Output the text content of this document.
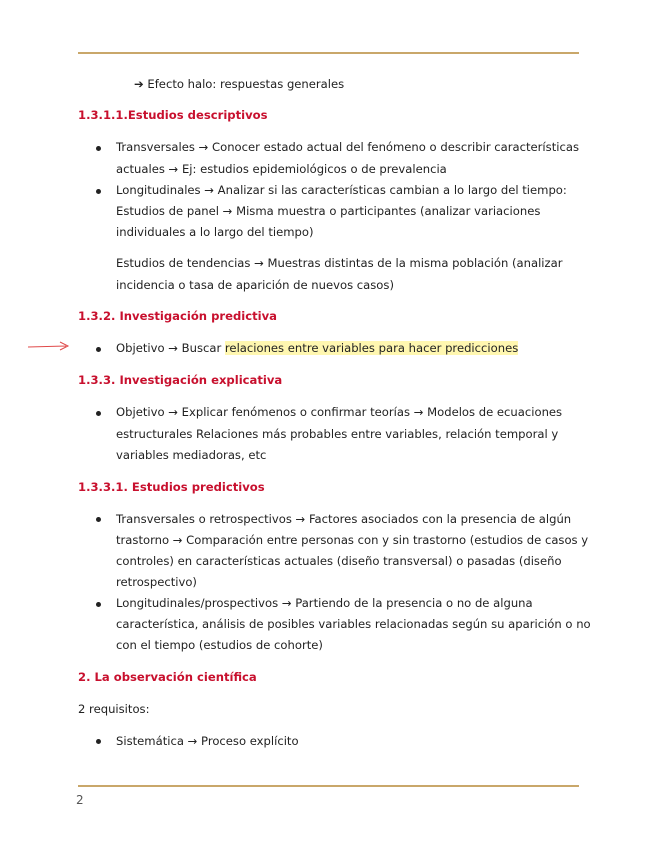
➔ Efecto halo: respuestas generales
1.3.1.1.Estudios descriptivos
Transversales → Conocer estado actual del fenómeno o describir características
actuales → Ej: estudios epidemiológicos o de prevalencia
Longitudinales → Analizar si las características cambian a lo largo del tiempo:
Estudios de panel → Misma muestra o participantes (analizar variaciones
individuales a lo largo del tiempo)
Estudios de tendencias → Muestras distintas de la misma población (analizar
incidencia o tasa de aparición de nuevos casos)
1.3.2. Investigación predictiva
Objetivo → Buscar relaciones entre variables para hacer predicciones
1.3.3. Investigación explicativa
Objetivo → Explicar fenómenos o confirmar teorías → Modelos de ecuaciones
estructurales Relaciones más probables entre variables, relación temporal y
variables mediadoras, etc
1.3.3.1. Estudios predictivos
Transversales o retrospectivos → Factores asociados con la presencia de algún
trastorno → Comparación entre personas con y sin trastorno (estudios de casos y
controles) en características actuales (diseño transversal) o pasadas (diseño
retrospectivo)
Longitudinales/prospectivos → Partiendo de la presencia o no de alguna
característica, análisis de posibles variables relacionadas según su aparición o no
con el tiempo (estudios de cohorte)
2. La observación científica
2 requisitos:
Sistemática → Proceso explícito
2
